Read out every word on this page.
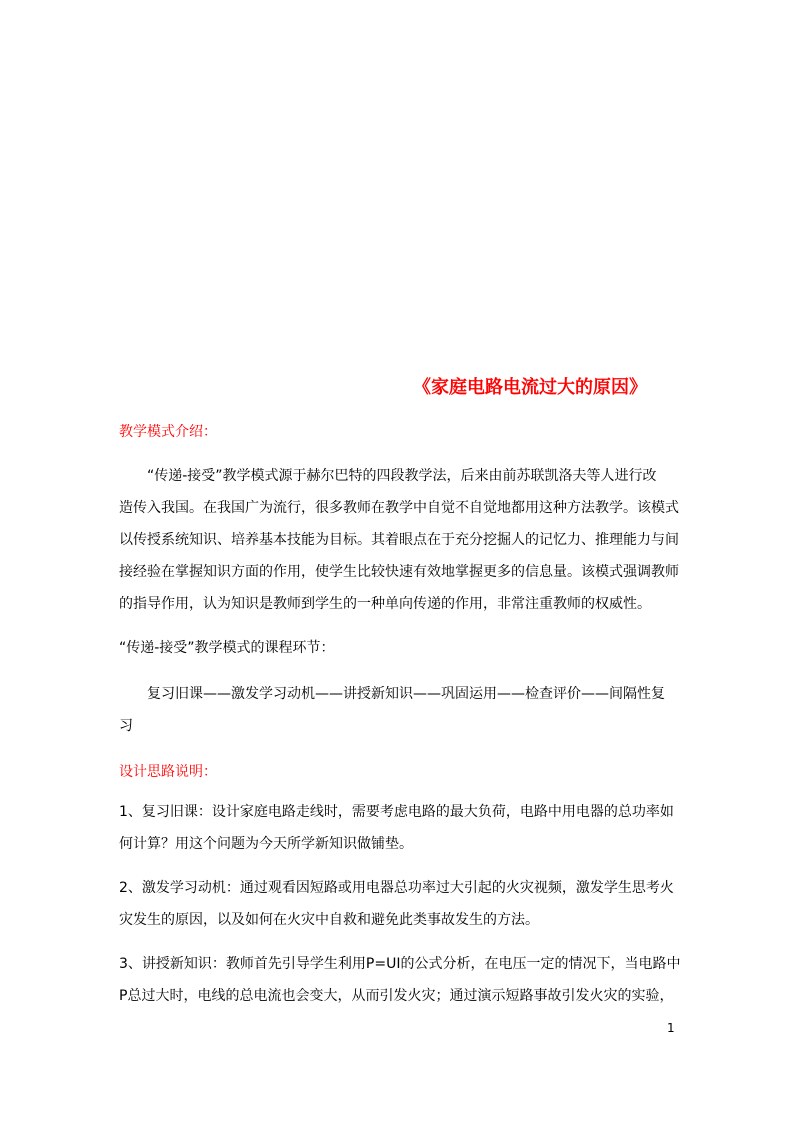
《家庭电路电流过大的原因》
教学模式介绍：
“传递-接受”教学模式源于赫尔巴特的四段教学法，后来由前苏联凯洛夫等人进行改
造传入我国。在我国广为流行，很多教师在教学中自觉不自觉地都用这种方法教学。该模式
以传授系统知识、培养基本技能为目标。其着眼点在于充分挖掘人的记忆力、推理能力与间
接经验在掌握知识方面的作用，使学生比较快速有效地掌握更多的信息量。该模式强调教师
的指导作用，认为知识是教师到学生的一种单向传递的作用，非常注重教师的权威性。
“传递-接受”教学模式的课程环节：
复习旧课——激发学习动机——讲授新知识——巩固运用——检查评价——间隔性复
习
设计思路说明：
1、复习旧课：设计家庭电路走线时，需要考虑电路的最大负荷，电路中用电器的总功率如
何计算？用这个问题为今天所学新知识做铺垫。
2、激发学习动机：通过观看因短路或用电器总功率过大引起的火灾视频，激发学生思考火
灾发生的原因，以及如何在火灾中自救和避免此类事故发生的方法。
3、讲授新知识：教师首先引导学生利用P=UI的公式分析，在电压一定的情况下，当电路中
P总过大时，电线的总电流也会变大，从而引发火灾；通过演示短路事故引发火灾的实验，
1
